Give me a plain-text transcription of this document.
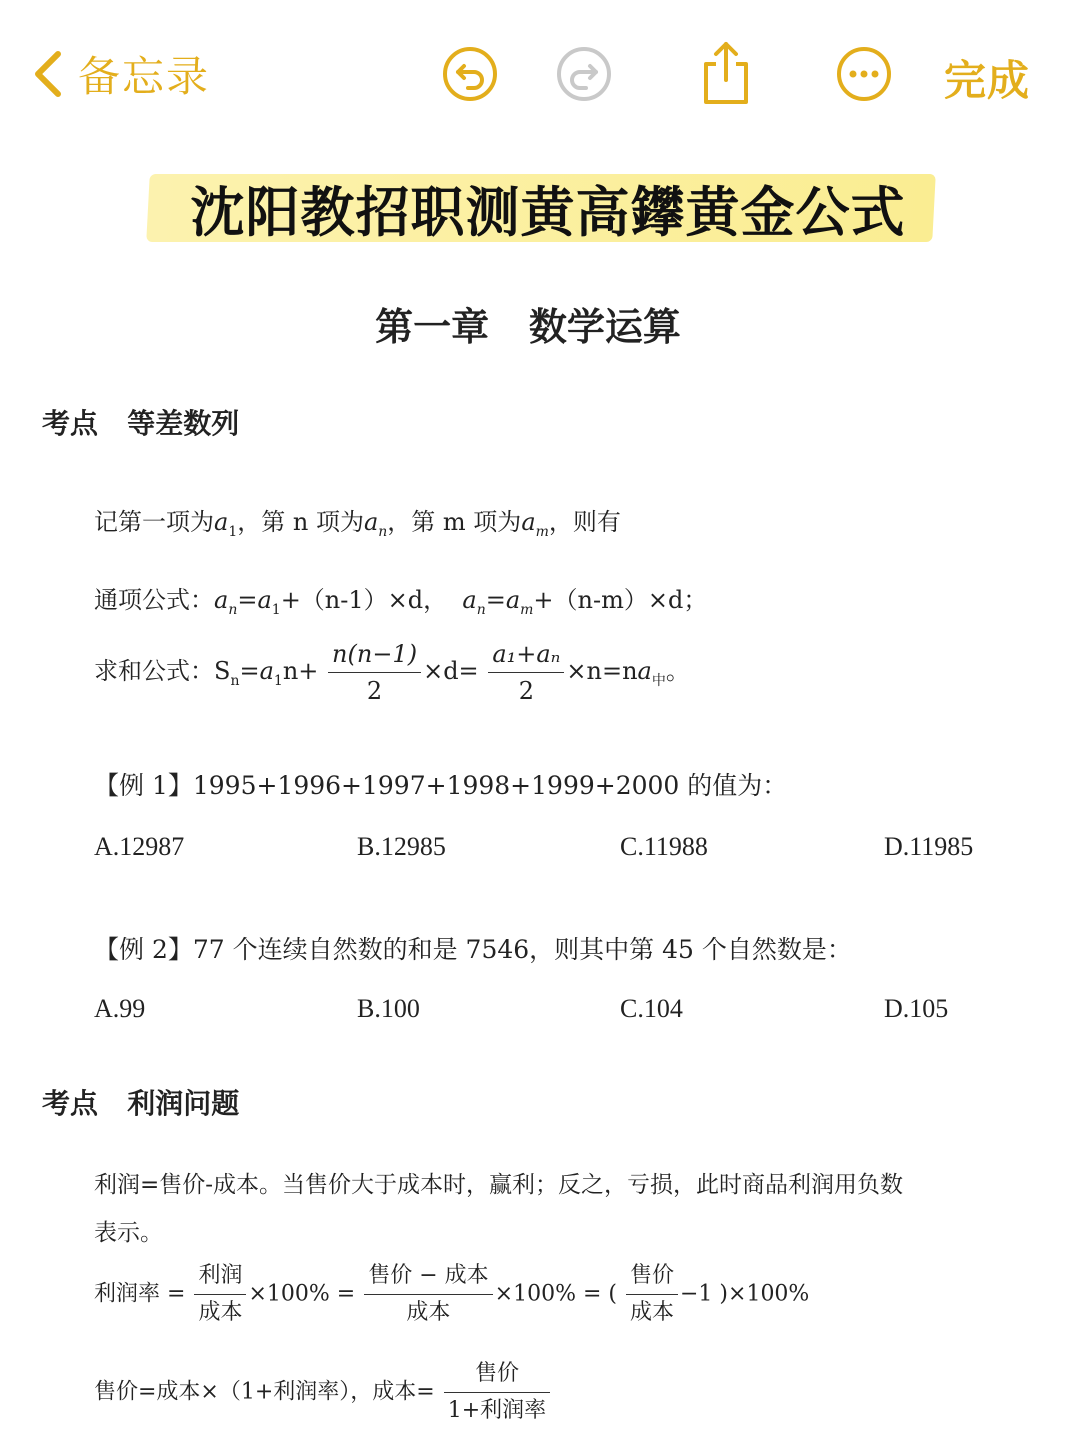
备忘录	完成
沈阳教招职测黄高鑻黄金公式
第一章   数学运算
考点   等差数列
记第一项为$a_1$，第 n 项为$a_n$，第 m 项为$a_m$，则有
通项公式：$a_n=a_1+(n-1)\times d$， $a_n=a_m+(n-m)\times d$；
求和公式：$S_n=a_1n+ \frac{n(n-1)}{2} \times d= \frac{\text{a₁+aₙ}}{2} \times n=na_中$。
【例 1】1995+1996+1997+1998+1999+2000 的值为：
A.12987	B.12985	C.11988	D.11985
【例 2】77 个连续自然数的和是 7546，则其中第 45 个自然数是：
A.99	B.100	C.104	D.105
考点   利润问题
利润=售价-成本。当售价大于成本时，赢利；反之，亏损，此时商品利润用负数
表示。
利润率 = $\frac{\text{利润}}{\text{成本}} \times 100\% = \frac{\text{售价 − 成本}}{\text{成本}} \times 100\%$ = ( $\frac{\text{售价}}{\text{成本}} -1$ )×100%
售价=成本×（1+利润率），成本= $\frac{\text{售价}}{\text{1+利润率}}$
